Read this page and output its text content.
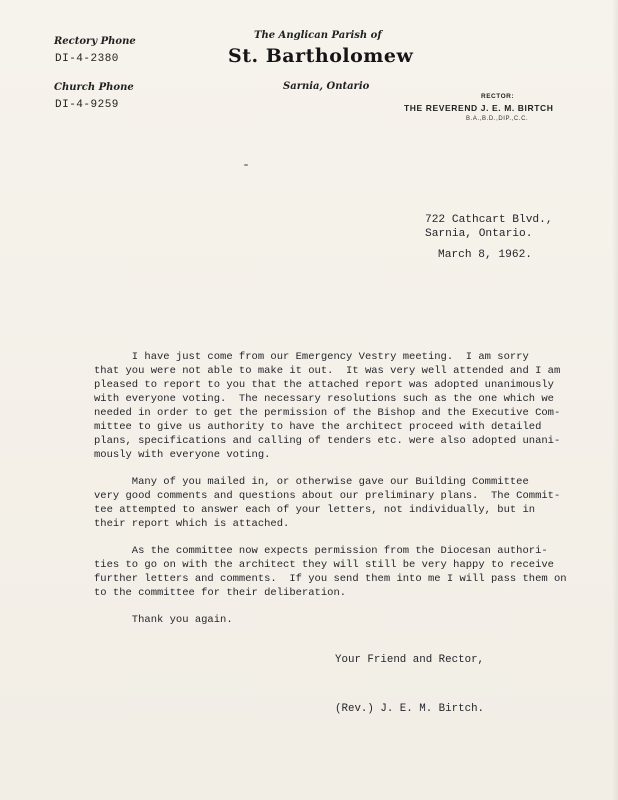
Rectory Phone
DI-4-2380
Church Phone
DI-4-9259
The Anglican Parish of
St. Bartholomew
Sarnia, Ontario
RECTOR:
THE REVEREND J. E. M. BIRTCH
B.A.,B.D.,DIP.,C.C.
722 Cathcart Blvd.,
Sarnia, Ontario.
March 8, 1962.
I have just come from our Emergency Vestry meeting.  I am sorry
that you were not able to make it out.  It was very well attended and I am
pleased to report to you that the attached report was adopted unanimously
with everyone voting.  The necessary resolutions such as the one which we
needed in order to get the permission of the Bishop and the Executive Com-
mittee to give us authority to have the architect proceed with detailed
plans, specifications and calling of tenders etc. were also adopted unani-
mously with everyone voting.
Many of you mailed in, or otherwise gave our Building Committee
very good comments and questions about our preliminary plans.  The Commit-
tee attempted to answer each of your letters, not individually, but in
their report which is attached.
As the committee now expects permission from the Diocesan authori-
ties to go on with the architect they will still be very happy to receive
further letters and comments.  If you send them into me I will pass them on
to the committee for their deliberation.
Thank you again.
Your Friend and Rector,
(Rev.) J. E. M. Birtch.
